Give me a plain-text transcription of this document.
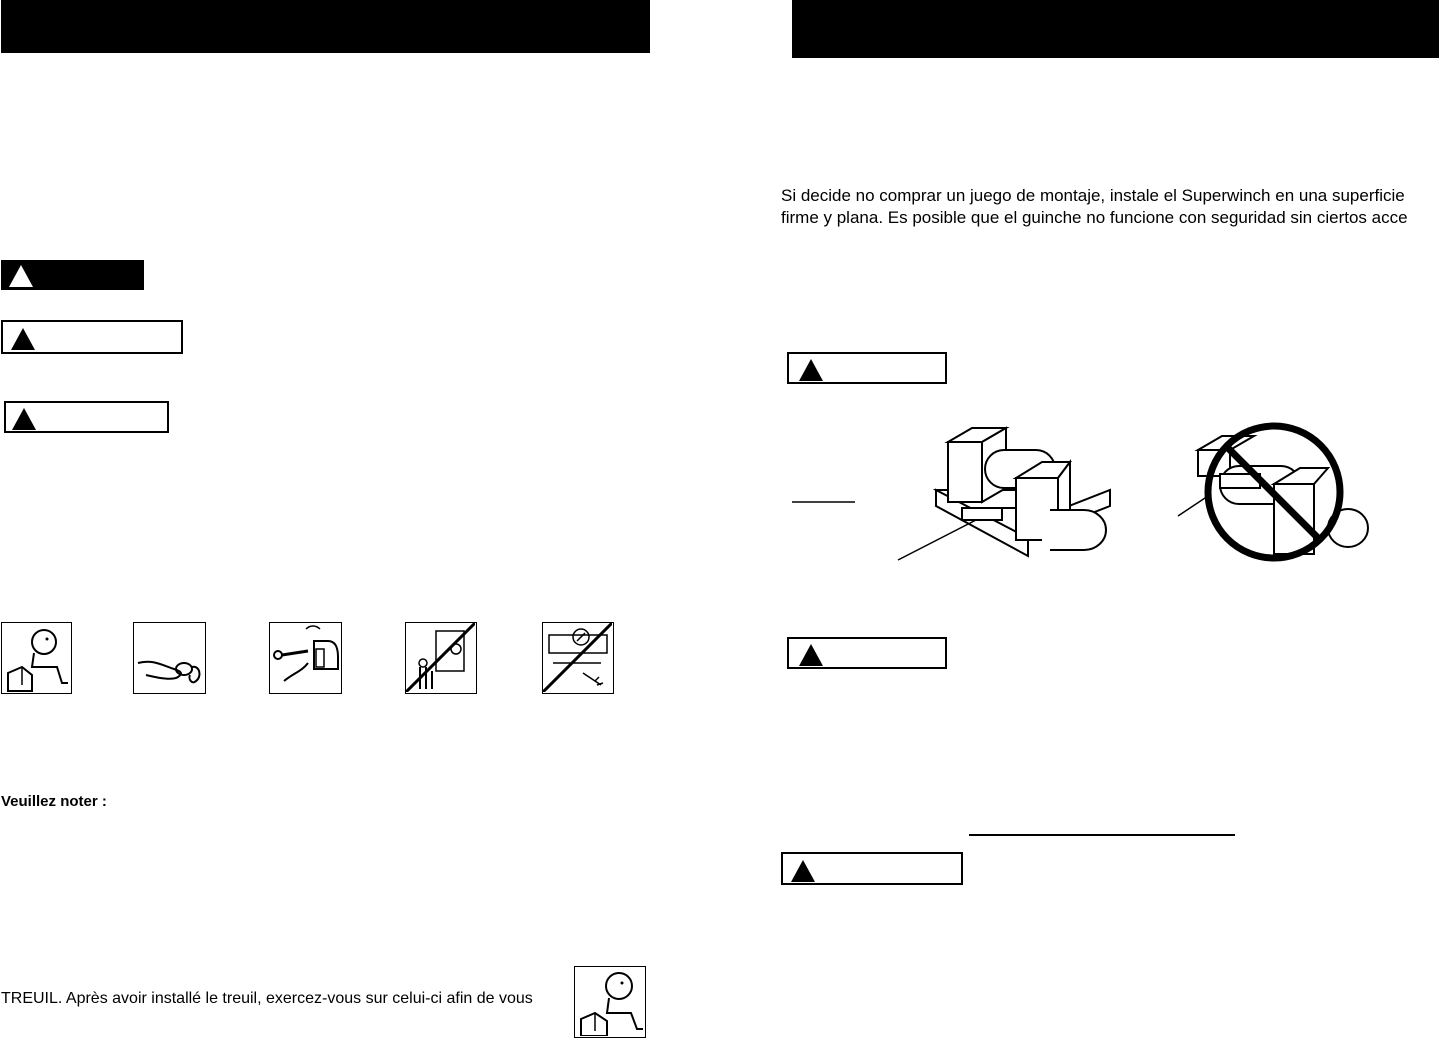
Veuillez noter :
TREUIL. Après avoir installé le treuil, exercez-vous sur celui-ci afin de vous
Si decide no comprar un juego de montaje, instale el Superwinch en una superficie
firme y plana. Es posible que el guinche no funcione con seguridad sin ciertos acce
